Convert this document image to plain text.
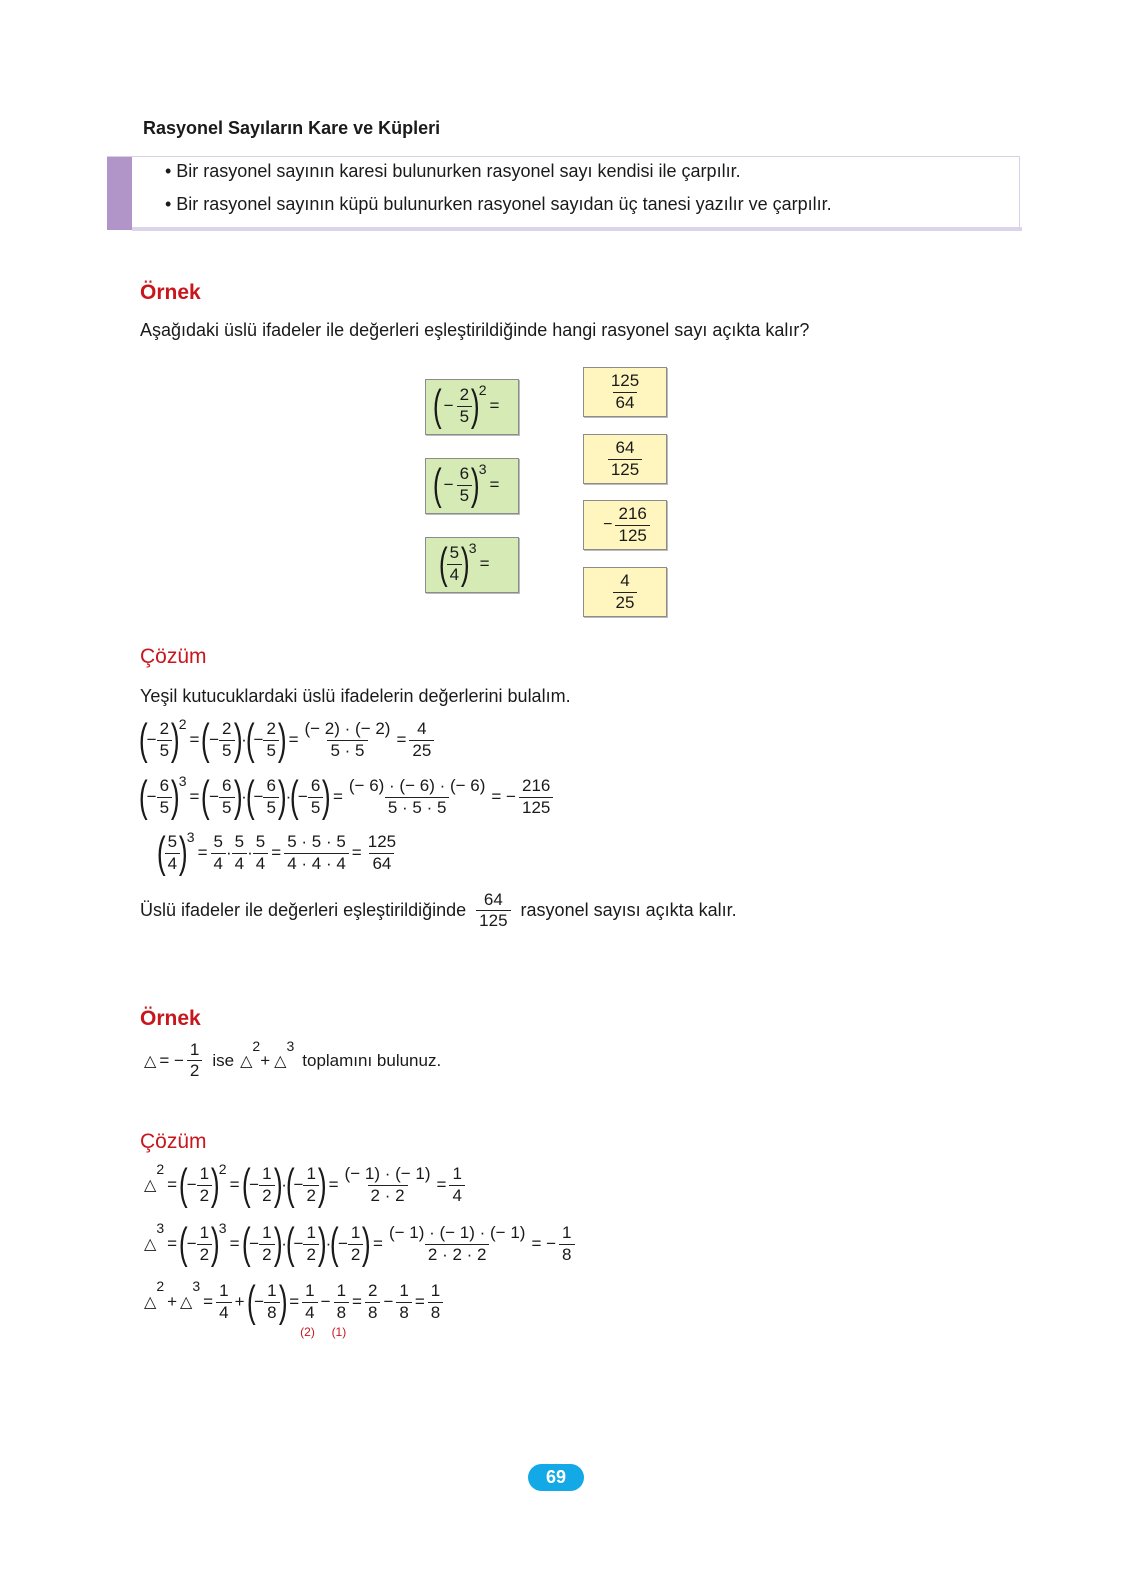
Rasyonel Sayıların Kare ve Küpleri
• Bir rasyonel sayının karesi bulunurken rasyonel sayı kendisi ile çarpılır.
• Bir rasyonel sayının küpü bulunurken rasyonel sayıdan üç tanesi yazılır ve çarpılır.
Örnek
Aşağıdaki üslü ifadeler ile değerleri eşleştirildiğinde hangi rasyonel sayı açıkta kalır?
( − $\frac{2}{5}$
)
2
=
( − $\frac{6}{5}$
)
3
=
(
$\frac{5}{4}$
)
3
=
$\frac{125}{64}$
$\frac{64}{125}$
− $\frac{216}{125}$
$\frac{4}{25}$
Çözüm
Yeşil kutucuklardaki üslü ifadelerin değerlerini bulalım.
(
− $\frac{2}{5}$
)
2
= (
− $\frac{2}{5}$
)
·
(
− $\frac{2}{5}$
) = $\frac{(- 2) \cdot (- 2)}{5 \cdot 5} = \frac{4}{25}$
(
− $\frac{6}{5}$
)
3
= (
− $\frac{6}{5}$
)
·
(
− $\frac{6}{5}$
)
·
(
− $\frac{6}{5}$
) = $\frac{(- 6) \cdot (- 6) \cdot (- 6)}{5 \cdot 5 \cdot 5}$ = − $\frac{216}{125}$
(
$\frac{5}{4}$
)
3
= $\frac{5}{4} \cdot \frac{5}{4} \cdot \frac{5}{4} = \frac{5 \cdot 5 \cdot 5}{4 \cdot 4 \cdot 4} = \frac{125}{64}$
Üslü ifadeler ile değerleri eşleştirildiğinde $\frac{64}{125}$ rasyonel sayısı açıkta kalır.
Örnek
△ = − $\frac{1}{2}$ ise △
2
+ △
3
toplamını bulunuz.
Çözüm
△
2
= (
− $\frac{1}{2}$
)
2
= (
− $\frac{1}{2}$
)
·
(
− $\frac{1}{2}$
) = $\frac{(- 1) \cdot (- 1)}{2 \cdot 2} = \frac{1}{4}$
△
3
= (
− $\frac{1}{2}$
)
3
= (
− $\frac{1}{2}$
)
·
(
− $\frac{1}{2}$
)
·
(
− $\frac{1}{2}$
) = $\frac{(- 1) \cdot (- 1) \cdot (- 1)}{2 \cdot 2 \cdot 2}$ = − $\frac{1}{8}$
△
2
+ △
3
= $\frac{1}{4}$ + (
− $\frac{1}{8}$
) = $\frac{1}{4}$
(2)
− $\frac{1}{8}$
(1)
= $\frac{2}{8} - \frac{1}{8} = \frac{1}{8}$
69
